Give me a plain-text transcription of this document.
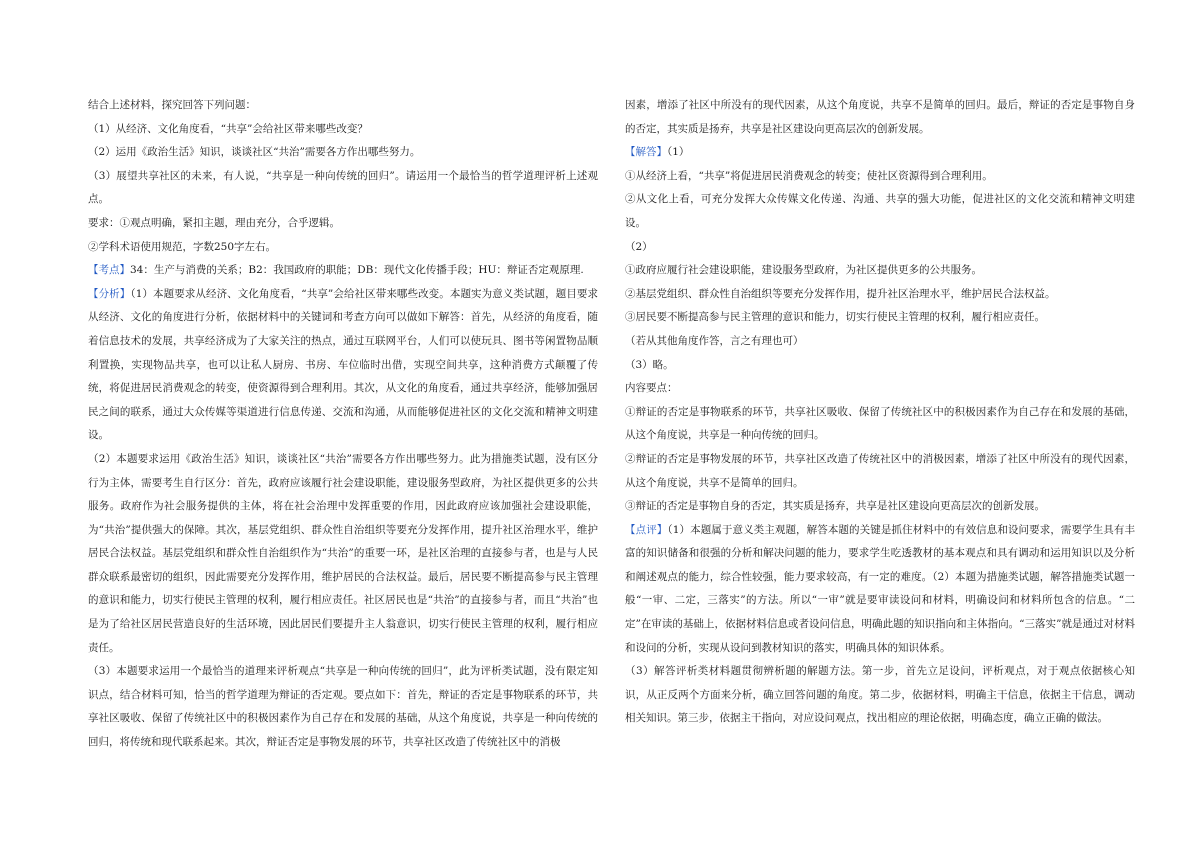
结合上述材料，探究回答下列问题：

（1）从经济、文化角度看，“共享”会给社区带来哪些改变？

（2）运用《政治生活》知识，谈谈社区“共治”需要各方作出哪些努力。

（3）展望共享社区的未来，有人说，“共享是一种向传统的回归”。请运用一个最恰当的哲学道理评析上述观点。

要求：①观点明确，紧扣主题，理由充分，合乎逻辑。

②学科术语使用规范，字数250字左右。

【考点】34：生产与消费的关系；B2：我国政府的职能；DB：现代文化传播手段；HU：辩证否定观原理.

【分析】（1）本题要求从经济、文化角度看，“共享”会给社区带来哪些改变。本题实为意义类试题，题目要求从经济、文化的角度进行分析，依据材料中的关键词和考查方向可以做如下解答：首先，从经济的角度看，随着信息技术的发展，共享经济成为了大家关注的热点，通过互联网平台，人们可以使玩具、图书等闲置物品顺利置换，实现物品共享，也可以让私人厨房、书房、车位临时出借，实现空间共享，这种消费方式颠覆了传统，将促进居民消费观念的转变，使资源得到合理利用。其次，从文化的角度看，通过共享经济，能够加强居民之间的联系，通过大众传媒等渠道进行信息传递、交流和沟通，从而能够促进社区的文化交流和精神文明建设。

（2）本题要求运用《政治生活》知识，谈谈社区“共治”需要各方作出哪些努力。此为措施类试题，没有区分行为主体，需要考生自行区分：首先，政府应该履行社会建设职能，建设服务型政府，为社区提供更多的公共服务。政府作为社会服务提供的主体，将在社会治理中发挥重要的作用，因此政府应该加强社会建设职能，为“共治”提供强大的保障。其次，基层党组织、群众性自治组织等要充分发挥作用，提升社区治理水平，维护居民合法权益。基层党组织和群众性自治组织作为“共治”的重要一环，是社区治理的直接参与者，也是与人民群众联系最密切的组织，因此需要充分发挥作用，维护居民的合法权益。最后，居民要不断提高参与民主管理的意识和能力，切实行使民主管理的权利，履行相应责任。社区居民也是“共治”的直接参与者，而且“共治”也是为了给社区居民营造良好的生活环境，因此居民们要提升主人翁意识，切实行使民主管理的权利，履行相应责任。

（3）本题要求运用一个最恰当的道理来评析观点“共享是一种向传统的回归”，此为评析类试题，没有限定知识点，结合材料可知，恰当的哲学道理为辩证的否定观。要点如下：首先，辩证的否定是事物联系的环节，共享社区吸收、保留了传统社区中的积极因素作为自己存在和发展的基础，从这个角度说，共享是一种向传统的回归，将传统和现代联系起来。其次，辩证否定是事物发展的环节，共享社区改造了传统社区中的消极

因素，增添了社区中所没有的现代因素，从这个角度说，共享不是简单的回归。最后，辩证的否定是事物自身的否定，其实质是扬弃，共享是社区建设向更高层次的创新发展。

【解答】（1）

①从经济上看，“共享”将促进居民消费观念的转变；使社区资源得到合理利用。

②从文化上看，可充分发挥大众传媒文化传递、沟通、共享的强大功能，促进社区的文化交流和精神文明建设。

（2）

①政府应履行社会建设职能，建设服务型政府，为社区提供更多的公共服务。

②基层党组织、群众性自治组织等要充分发挥作用，提升社区治理水平，维护居民合法权益。

③居民要不断提高参与民主管理的意识和能力，切实行使民主管理的权利，履行相应责任。

（若从其他角度作答，言之有理也可）

（3）略。

内容要点：

①辩证的否定是事物联系的环节，共享社区吸收、保留了传统社区中的积极因素作为自己存在和发展的基础，从这个角度说，共享是一种向传统的回归。

②辩证的否定是事物发展的环节，共享社区改造了传统社区中的消极因素，增添了社区中所没有的现代因素，从这个角度说，共享不是简单的回归。

③辩证的否定是事物自身的否定，其实质是扬弃，共享是社区建设向更高层次的创新发展。

【点评】（1）本题属于意义类主观题，解答本题的关键是抓住材料中的有效信息和设问要求，需要学生具有丰富的知识储备和很强的分析和解决问题的能力，要求学生吃透教材的基本观点和具有调动和运用知识以及分析和阐述观点的能力，综合性较强，能力要求较高，有一定的难度。（2）本题为措施类试题，解答措施类试题一般“一审、二定，三落实”的方法。所以“一审”就是要审读设问和材料，明确设问和材料所包含的信息。“二定”在审读的基础上，依据材料信息或者设问信息，明确此题的知识指向和主体指向。“三落实”就是通过对材料和设问的分析，实现从设问到教材知识的落实，明确具体的知识体系。

（3）解答评析类材料题贯彻辨析题的解题方法。第一步，首先立足设问，评析观点，对于观点依据核心知识，从正反两个方面来分析，确立回答问题的角度。第二步，依据材料，明确主干信息，依据主干信息，调动相关知识。第三步，依据主干指向，对应设问观点，找出相应的理论依据，明确态度，确立正确的做法。
